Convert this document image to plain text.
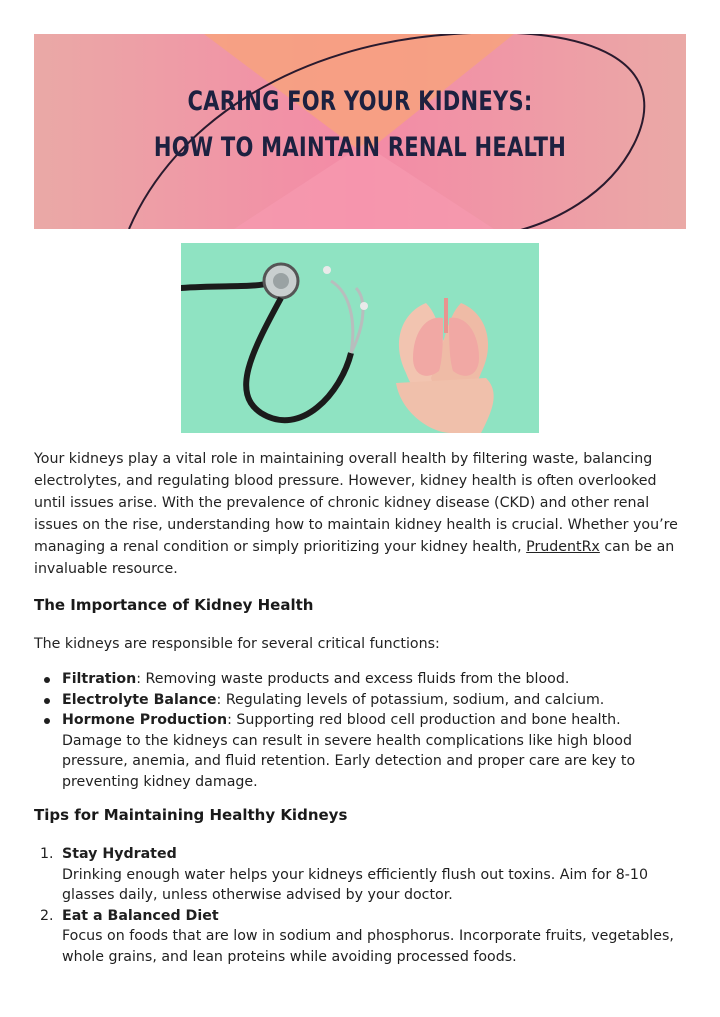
CARING FOR YOUR KIDNEYS:
HOW TO MAINTAIN RENAL HEALTH
Your kidneys play a vital role in maintaining overall health by filtering waste, balancing electrolytes, and regulating blood pressure. However, kidney health is often overlooked until issues arise. With the prevalence of chronic kidney disease (CKD) and other renal issues on the rise, understanding how to maintain kidney health is crucial. Whether you’re managing a renal condition or simply prioritizing your kidney health, PrudentRx can be an invaluable resource.
The Importance of Kidney Health
The kidneys are responsible for several critical functions:
Filtration: Removing waste products and excess fluids from the blood.
Electrolyte Balance: Regulating levels of potassium, sodium, and calcium.
Hormone Production: Supporting red blood cell production and bone health.
Damage to the kidneys can result in severe health complications like high blood pressure, anemia, and fluid retention. Early detection and proper care are key to preventing kidney damage.
Tips for Maintaining Healthy Kidneys
1. Stay Hydrated
Drinking enough water helps your kidneys efficiently flush out toxins. Aim for 8-10 glasses daily, unless otherwise advised by your doctor.
2. Eat a Balanced Diet
Focus on foods that are low in sodium and phosphorus. Incorporate fruits, vegetables, whole grains, and lean proteins while avoiding processed foods.
